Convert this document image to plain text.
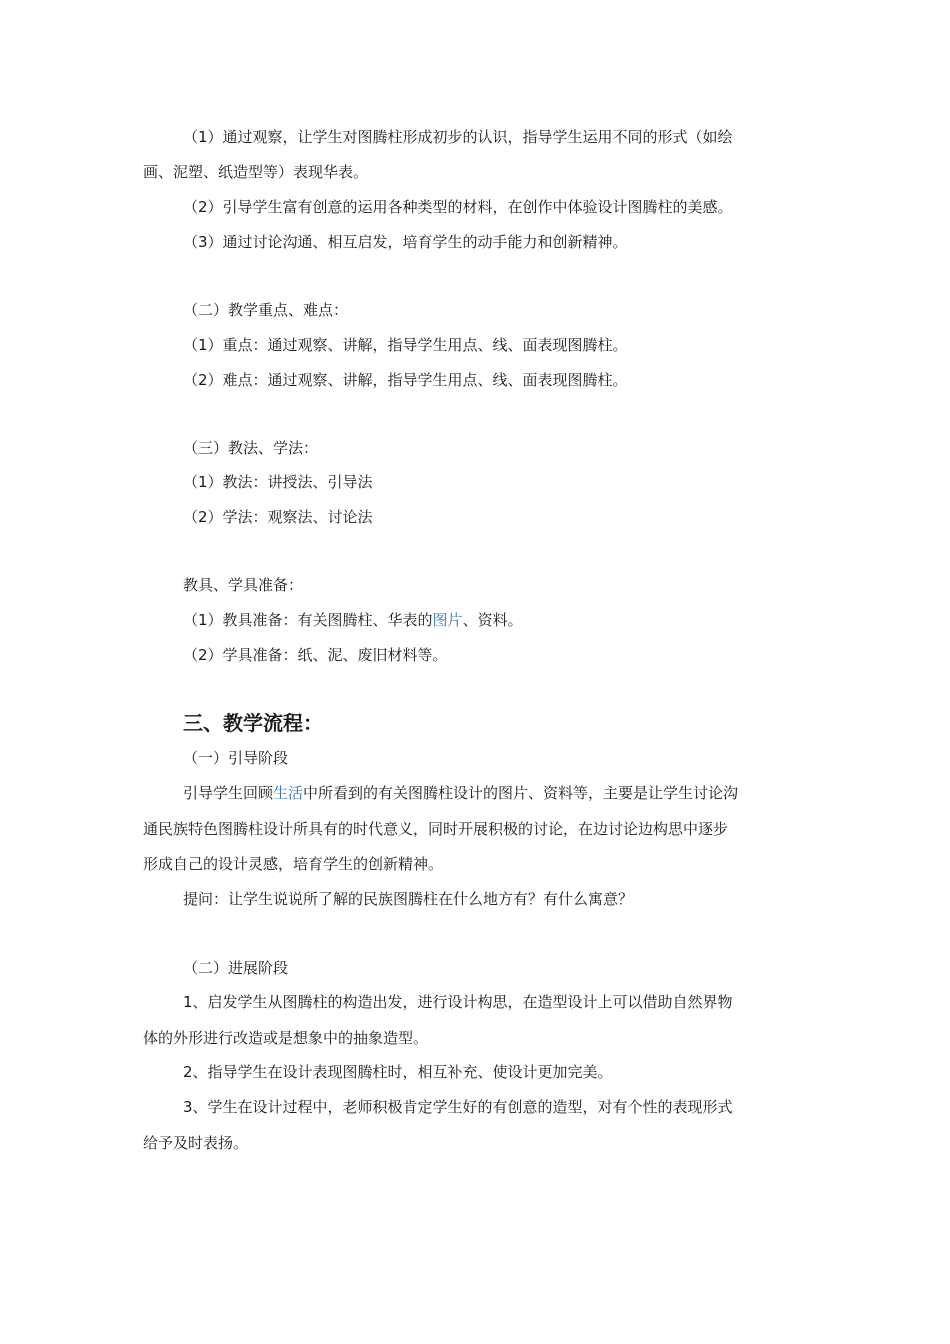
（1）通过观察，让学生对图腾柱形成初步的认识，指导学生运用不同的形式（如绘
画、泥塑、纸造型等）表现华表。
（2）引导学生富有创意的运用各种类型的材料，在创作中体验设计图腾柱的美感。
（3）通过讨论沟通、相互启发，培育学生的动手能力和创新精神。
（二）教学重点、难点：
（1）重点：通过观察、讲解，指导学生用点、线、面表现图腾柱。
（2）难点：通过观察、讲解，指导学生用点、线、面表现图腾柱。
（三）教法、学法：
（1）教法：讲授法、引导法
（2）学法：观察法、讨论法
教具、学具准备：
（1）教具准备：有关图腾柱、华表的图片、资料。
（2）学具准备：纸、泥、废旧材料等。
三、教学流程：
（一）引导阶段
引导学生回顾生活中所看到的有关图腾柱设计的图片、资料等，主要是让学生讨论沟
通民族特色图腾柱设计所具有的时代意义，同时开展积极的讨论，在边讨论边构思中逐步
形成自己的设计灵感，培育学生的创新精神。
提问：让学生说说所了解的民族图腾柱在什么地方有？有什么寓意？
（二）进展阶段
1、启发学生从图腾柱的构造出发，进行设计构思，在造型设计上可以借助自然界物
体的外形进行改造或是想象中的抽象造型。
2、指导学生在设计表现图腾柱时，相互补充、使设计更加完美。
3、学生在设计过程中，老师积极肯定学生好的有创意的造型，对有个性的表现形式
给予及时表扬。
